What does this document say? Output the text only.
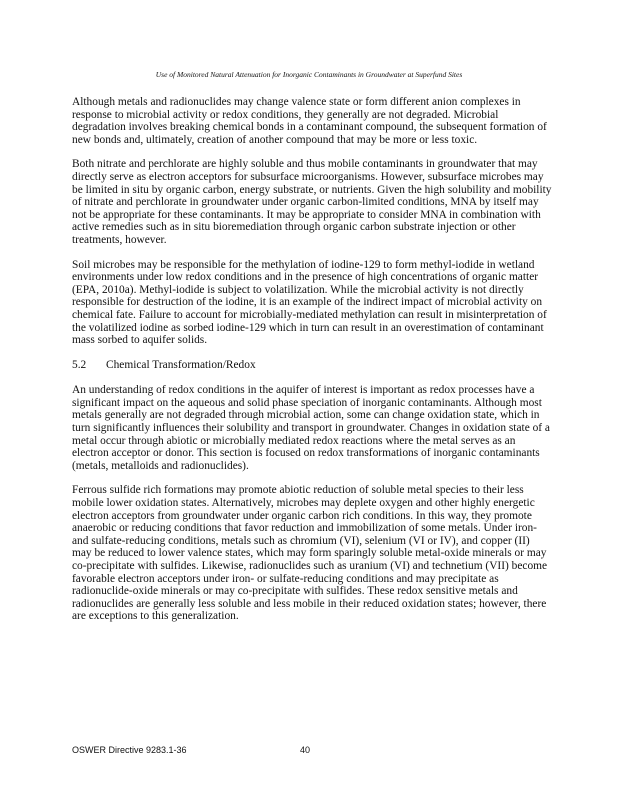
Use of Monitored Natural Attenuation for Inorganic Contaminants in Groundwater at Superfund Sites

Although metals and radionuclides may change valence state or form different anion complexes in response to microbial activity or redox conditions, they generally are not degraded. Microbial degradation involves breaking chemical bonds in a contaminant compound, the subsequent formation of new bonds and, ultimately, creation of another compound that may be more or less toxic.

Both nitrate and perchlorate are highly soluble and thus mobile contaminants in groundwater that may directly serve as electron acceptors for subsurface microorganisms. However, subsurface microbes may be limited in situ by organic carbon, energy substrate, or nutrients. Given the high solubility and mobility of nitrate and perchlorate in groundwater under organic carbon-limited conditions, MNA by itself may not be appropriate for these contaminants. It may be appropriate to consider MNA in combination with active remedies such as in situ bioremediation through organic carbon substrate injection or other treatments, however.

Soil microbes may be responsible for the methylation of iodine-129 to form methyl-iodide in wetland environments under low redox conditions and in the presence of high concentrations of organic matter (EPA, 2010a). Methyl-iodide is subject to volatilization. While the microbial activity is not directly responsible for destruction of the iodine, it is an example of the indirect impact of microbial activity on chemical fate. Failure to account for microbially-mediated methylation can result in misinterpretation of the volatilized iodine as sorbed iodine-129 which in turn can result in an overestimation of contaminant mass sorbed to aquifer solids.

5.2 Chemical Transformation/Redox

An understanding of redox conditions in the aquifer of interest is important as redox processes have a significant impact on the aqueous and solid phase speciation of inorganic contaminants. Although most metals generally are not degraded through microbial action, some can change oxidation state, which in turn significantly influences their solubility and transport in groundwater. Changes in oxidation state of a metal occur through abiotic or microbially mediated redox reactions where the metal serves as an electron acceptor or donor. This section is focused on redox transformations of inorganic contaminants (metals, metalloids and radionuclides).

Ferrous sulfide rich formations may promote abiotic reduction of soluble metal species to their less mobile lower oxidation states. Alternatively, microbes may deplete oxygen and other highly energetic electron acceptors from groundwater under organic carbon rich conditions. In this way, they promote anaerobic or reducing conditions that favor reduction and immobilization of some metals. Under iron- and sulfate-reducing conditions, metals such as chromium (VI), selenium (VI or IV), and copper (II) may be reduced to lower valence states, which may form sparingly soluble metal-oxide minerals or may co-precipitate with sulfides. Likewise, radionuclides such as uranium (VI) and technetium (VII) become favorable electron acceptors under iron- or sulfate-reducing conditions and may precipitate as radionuclide-oxide minerals or may co-precipitate with sulfides. These redox sensitive metals and radionuclides are generally less soluble and less mobile in their reduced oxidation states; however, there are exceptions to this generalization.

OSWER Directive 9283.1-36	40
